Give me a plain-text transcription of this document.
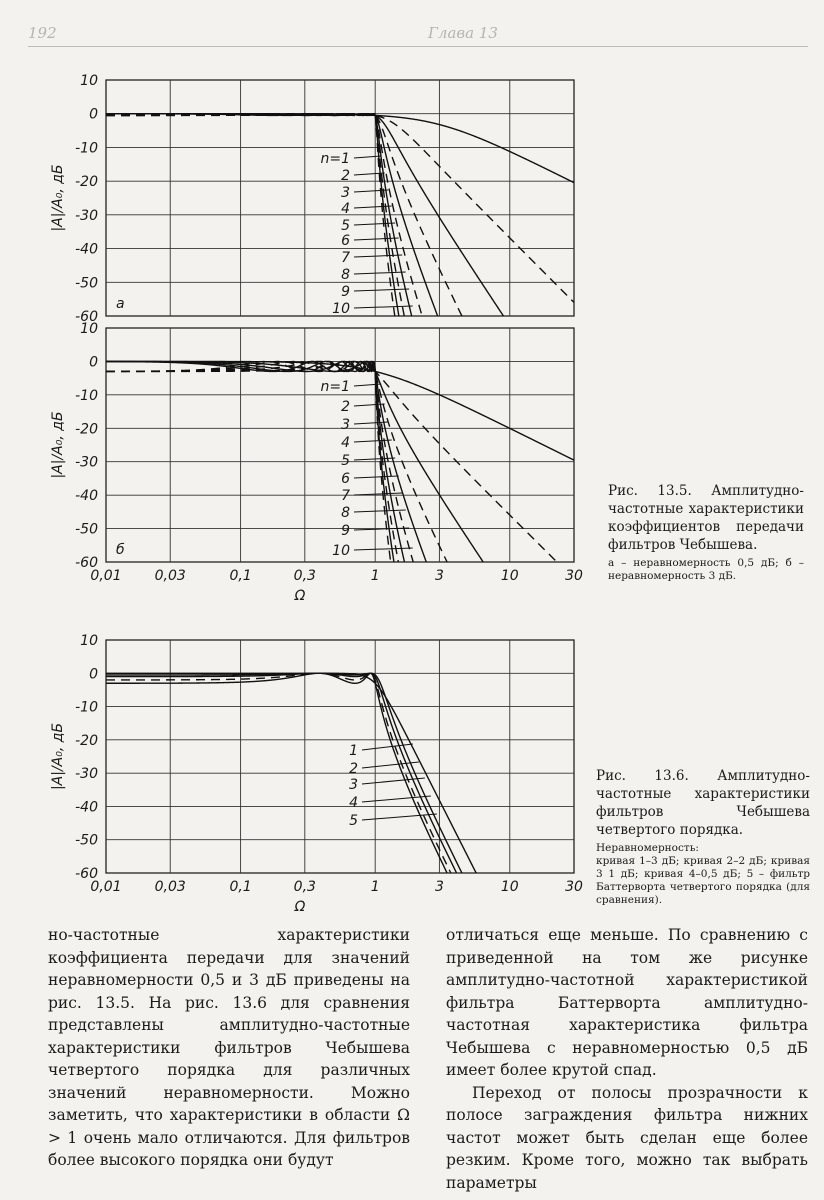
192	Глава 13
|A|/A₀, дБ
10
0
-10
-20
-30
-40
-50
-60
а
n=1
2
3
4
5
6
7
8
9
10
|A|/A₀, дБ
10
0
-10
-20
-30
-40
-50
-60
0,01 0,03	0,1	0,3	1	3	10	30
Ω
б
n=1
2
3
4
5
6
7
8
9
10
|A|/A₀, дБ
10
0
-10
-20
-30
-40
-50
-60
0,01 0,03	0,1	0,3	1	3	10	30
Ω
1
2
3
4
5
Рис. 13.5. Амплитудно-частотные характеристики коэффициентов передачи фильтров Чебышева.
а – неравномерность 0,5 дБ; б – неравномерность 3 дБ.
Рис. 13.6. Амплитудно-частотные характеристики фильтров Чебышева четвертого порядка.
Неравномерность:
кривая 1–3 дБ; кривая 2–2 дБ; кривая 3 1 дБ; кривая 4–0,5 дБ; 5 – фильтр Баттерворта четвертого порядка (для сравнения).

но-частотные характеристики коэффициента передачи для значений неравномерности 0,5 и 3 дБ приведены на рис. 13.5. На рис. 13.6 для сравнения представлены амплитудно-частотные характеристики фильтров Чебышева четвертого порядка для различных значений неравномерности. Можно заметить, что характеристики в области Ω > 1 очень мало отличаются. Для фильтров более высокого порядка они будут

отличаться еще меньше. По сравнению с приведенной на том же рисунке амплитудно-частотной характеристикой фильтра Баттерворта амплитудно-частотная характеристика фильтра Чебышева с неравномерностью 0,5 дБ имеет более крутой спад.

Переход от полосы прозрачности к полосе заграждения фильтра нижних частот может быть сделан еще более резким. Кроме того, можно так выбрать параметры
